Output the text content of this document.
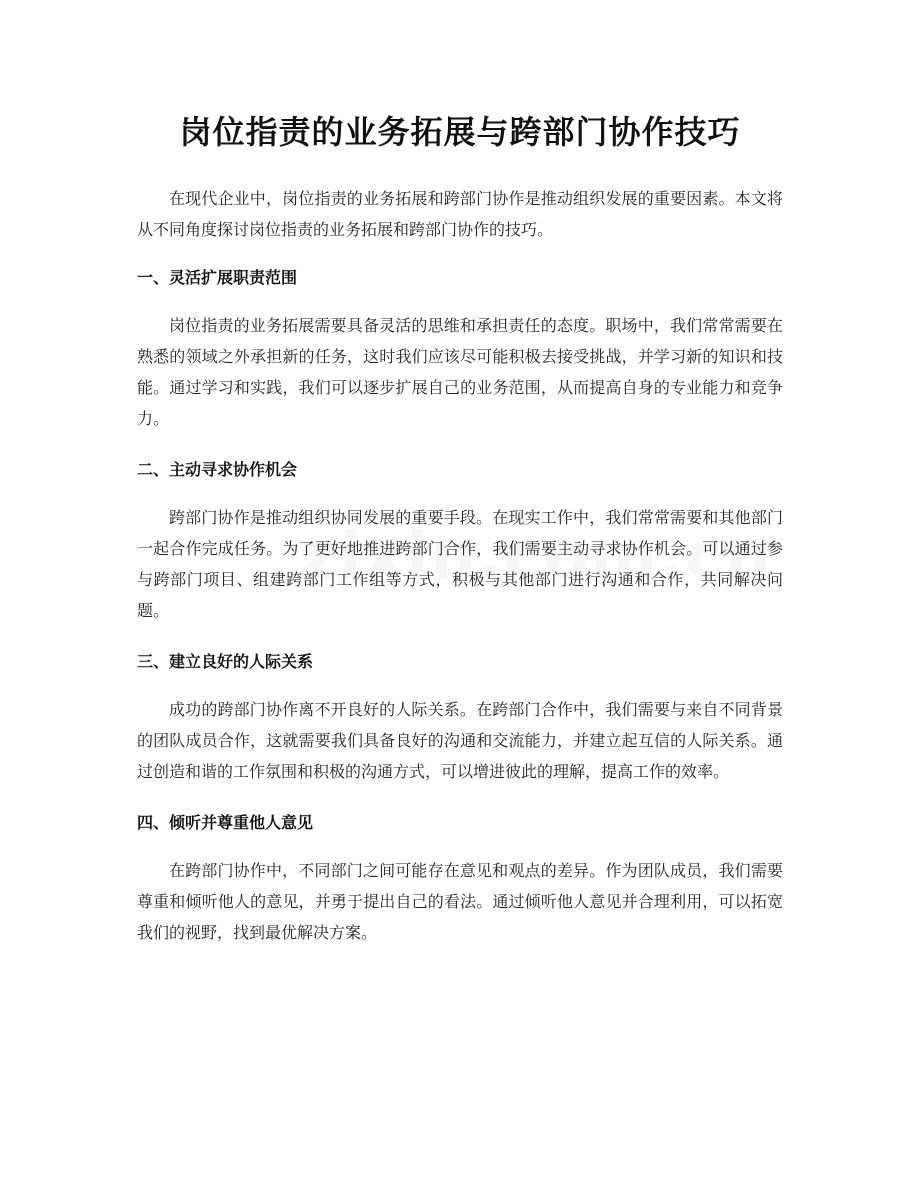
岗位指责的业务拓展与跨部门协作技巧

在现代企业中，岗位指责的业务拓展和跨部门协作是推动组织发展的重要因素。本文将从不同角度探讨岗位指责的业务拓展和跨部门协作的技巧。

一、灵活扩展职责范围

岗位指责的业务拓展需要具备灵活的思维和承担责任的态度。职场中，我们常常需要在熟悉的领域之外承担新的任务，这时我们应该尽可能积极去接受挑战，并学习新的知识和技能。通过学习和实践，我们可以逐步扩展自己的业务范围，从而提高自身的专业能力和竞争力。

二、主动寻求协作机会

跨部门协作是推动组织协同发展的重要手段。在现实工作中，我们常常需要和其他部门一起合作完成任务。为了更好地推进跨部门合作，我们需要主动寻求协作机会。可以通过参与跨部门项目、组建跨部门工作组等方式，积极与其他部门进行沟通和合作，共同解决问题。

三、建立良好的人际关系

成功的跨部门协作离不开良好的人际关系。在跨部门合作中，我们需要与来自不同背景的团队成员合作，这就需要我们具备良好的沟通和交流能力，并建立起互信的人际关系。通过创造和谐的工作氛围和积极的沟通方式，可以增进彼此的理解，提高工作的效率。

四、倾听并尊重他人意见

在跨部门协作中，不同部门之间可能存在意见和观点的差异。作为团队成员，我们需要尊重和倾听他人的意见，并勇于提出自己的看法。通过倾听他人意见并合理利用，可以拓宽我们的视野，找到最优解决方案。
